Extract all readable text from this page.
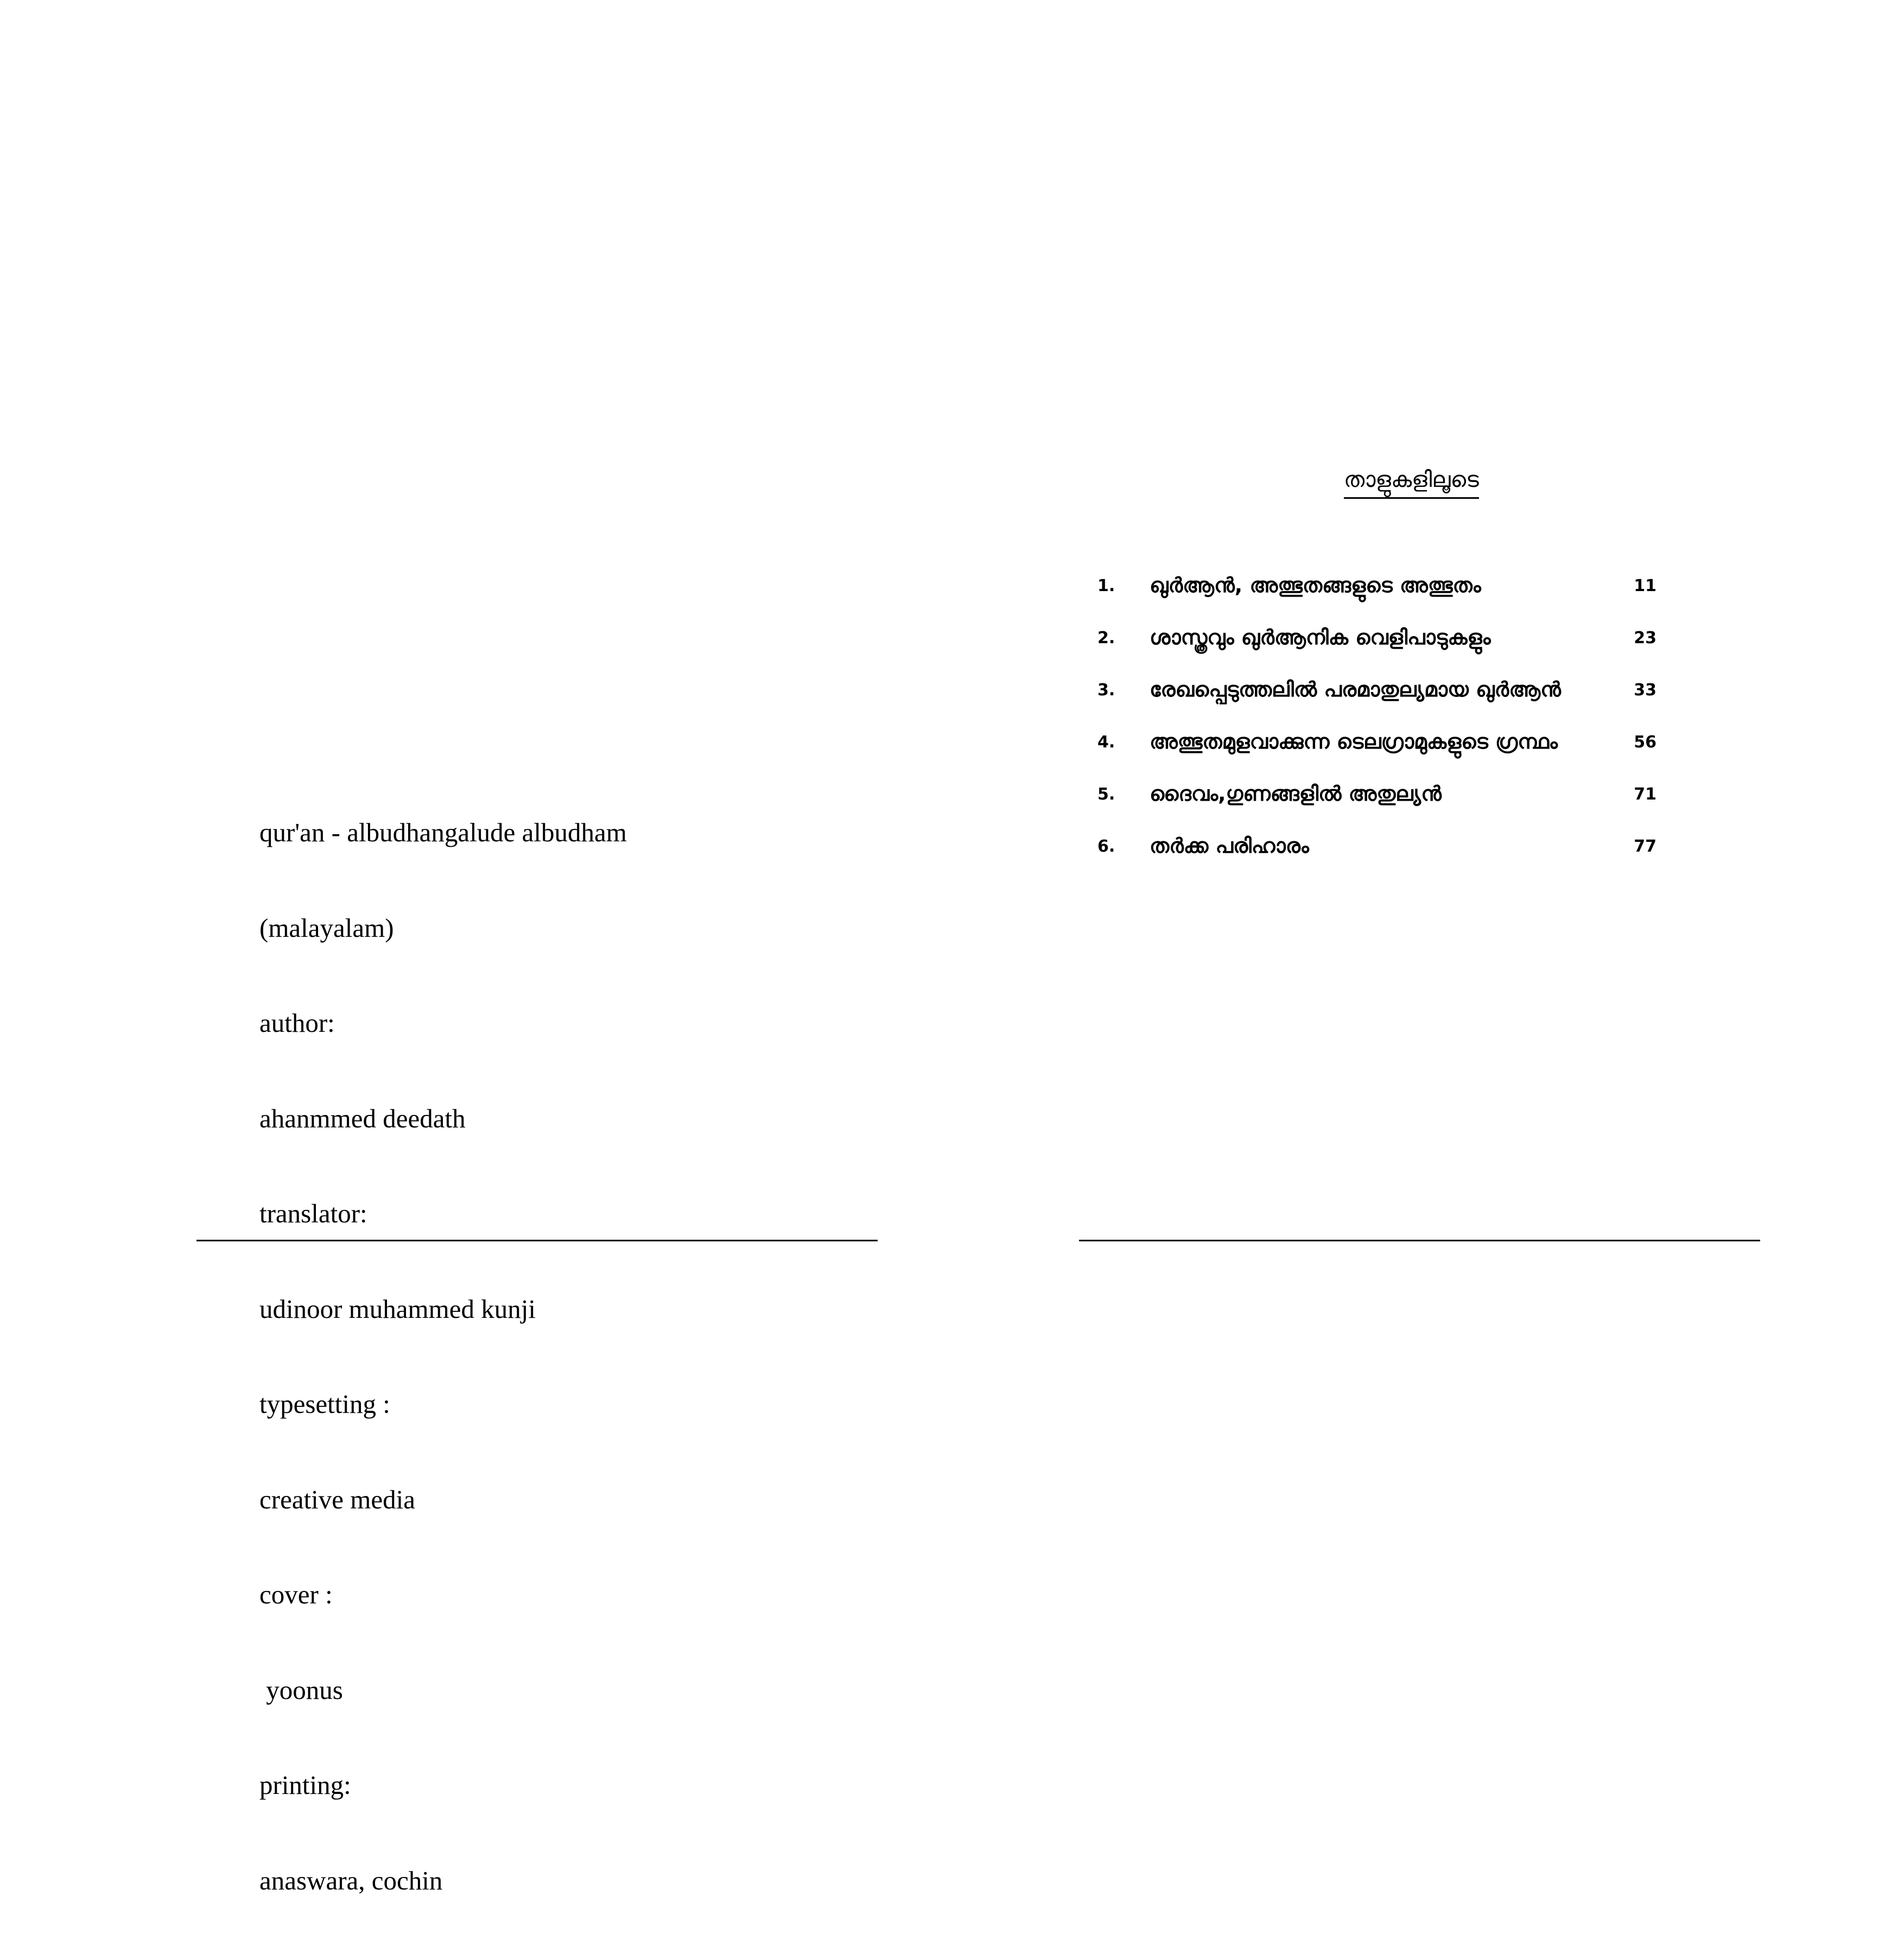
qur'an - albudhangalude albudham

(malayalam)

author:

ahanmmed deedath

translator:

udinoor muhammed kunji

typesetting :

creative media

cover :

yoonus

printing:

anaswara, cochin

താളുകളിലൂടെ
1. ഖുർആൻ, അത്ഭുതങ്ങളുടെ അത്ഭുതം	11
2. ശാസ്ത്രവും ഖുർആനിക വെളിപാടുകളും	23
3. രേഖപ്പെടുത്തലിൽ പരമാതുല്യമായ ഖുർആൻ	33
4. അത്ഭുതമുളവാക്കുന്ന ടെലഗ്രാമുകളുടെ ഗ്രന്ഥം	56
5. ദൈവം,ഗുണങ്ങളിൽ അതുല്യൻ	71
6. തർക്ക പരിഹാരം	77
